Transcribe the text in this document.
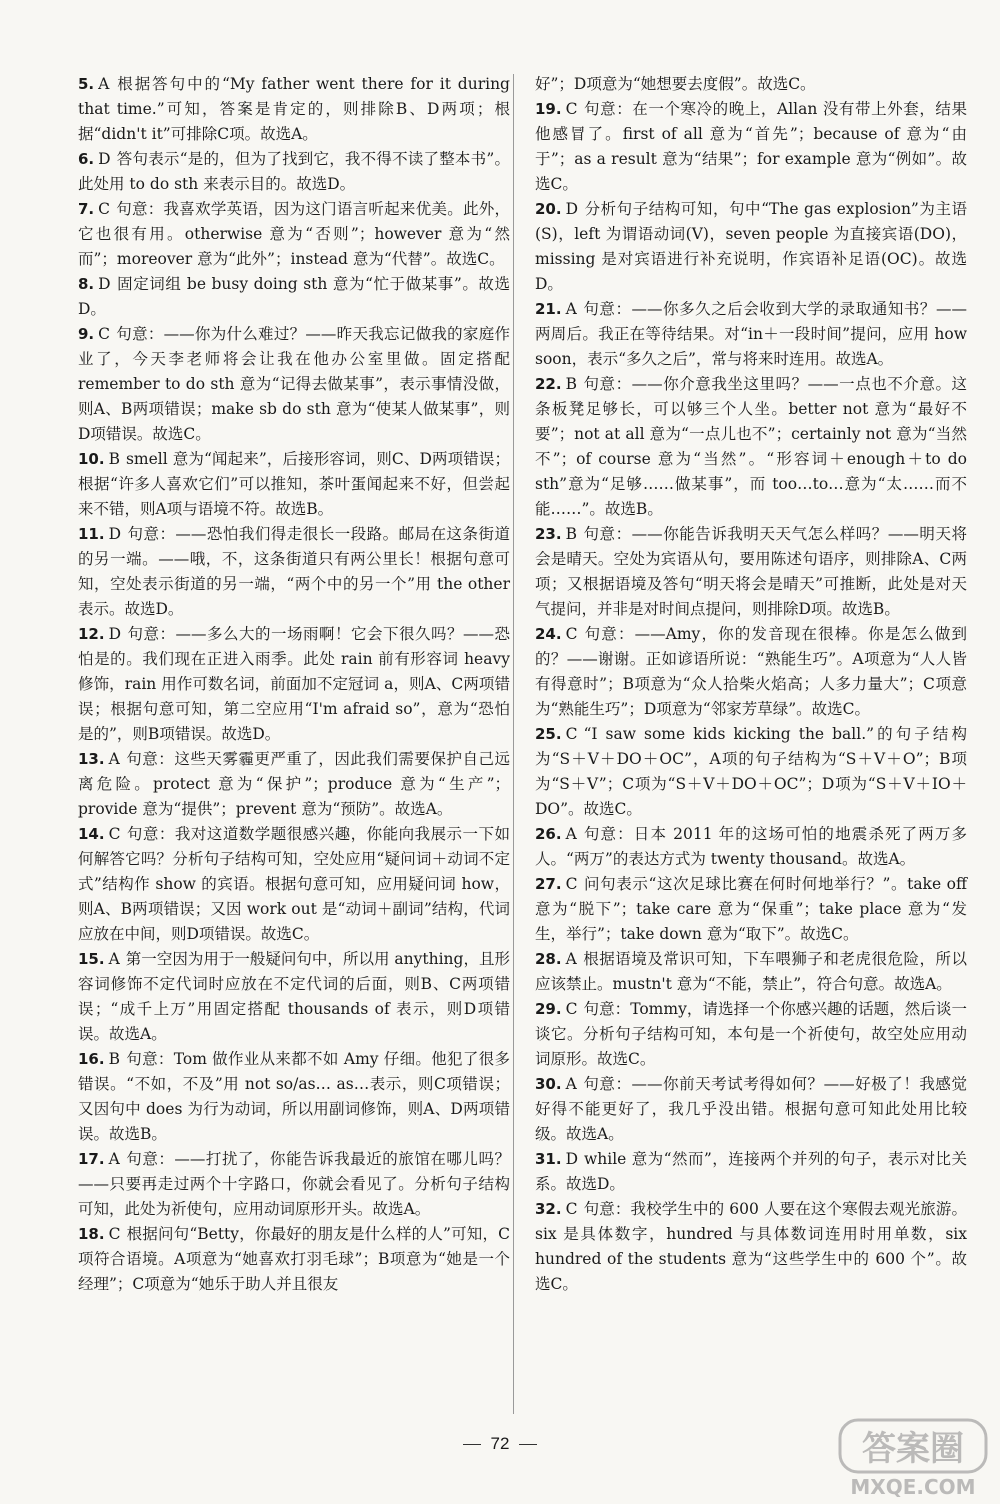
5. A 根据答句中的“My father went there for it during that time.”可知，答案是肯定的，则排除B、D两项；根据“didn't it”可排除C项。故选A。

6. D 答句表示“是的，但为了找到它，我不得不读了整本书”。此处用 to do sth 来表示目的。故选D。

7. C 句意：我喜欢学英语，因为这门语言听起来优美。此外，它也很有用。otherwise 意为“否则”；however 意为“然而”；moreover 意为“此外”；instead 意为“代替”。故选C。

8. D 固定词组 be busy doing sth 意为“忙于做某事”。故选D。

9. C 句意：——你为什么难过？——昨天我忘记做我的家庭作业了，今天李老师将会让我在他办公室里做。固定搭配 remember to do sth 意为“记得去做某事”，表示事情没做，则A、B两项错误；make sb do sth 意为“使某人做某事”，则D项错误。故选C。

10. B smell 意为“闻起来”，后接形容词，则C、D两项错误；根据“许多人喜欢它们”可以推知，茶叶蛋闻起来不好，但尝起来不错，则A项与语境不符。故选B。

11. D 句意：——恐怕我们得走很长一段路。邮局在这条街道的另一端。——哦，不，这条街道只有两公里长！根据句意可知，空处表示街道的另一端，“两个中的另一个”用 the other 表示。故选D。

12. D 句意：——多么大的一场雨啊！它会下很久吗？——恐怕是的。我们现在正进入雨季。此处 rain 前有形容词 heavy 修饰，rain 用作可数名词，前面加不定冠词 a，则A、C两项错误；根据句意可知，第二空应用“I'm afraid so”，意为“恐怕是的”，则B项错误。故选D。

13. A 句意：这些天雾霾更严重了，因此我们需要保护自己远离危险。protect 意为“保护”；produce 意为“生产”；provide 意为“提供”；prevent 意为“预防”。故选A。

14. C 句意：我对这道数学题很感兴趣，你能向我展示一下如何解答它吗？分析句子结构可知，空处应用“疑问词＋动词不定式”结构作 show 的宾语。根据句意可知，应用疑问词 how，则A、B两项错误；又因 work out 是“动词＋副词”结构，代词应放在中间，则D项错误。故选C。

15. A 第一空因为用于一般疑问句中，所以用 anything，且形容词修饰不定代词时应放在不定代词的后面，则B、C两项错误；“成千上万”用固定搭配 thousands of 表示，则D项错误。故选A。

16. B 句意：Tom 做作业从来都不如 Amy 仔细。他犯了很多错误。“不如，不及”用 not so/as… as…表示，则C项错误；又因句中 does 为行为动词，所以用副词修饰，则A、D两项错误。故选B。

17. A 句意：——打扰了，你能告诉我最近的旅馆在哪儿吗？——只要再走过两个十字路口，你就会看见了。分析句子结构可知，此处为祈使句，应用动词原形开头。故选A。

18. C 根据问句“Betty，你最好的朋友是什么样的人”可知，C项符合语境。A项意为“她喜欢打羽毛球”；B项意为“她是一个经理”；C项意为“她乐于助人并且很友

好”；D项意为“她想要去度假”。故选C。

19. C 句意：在一个寒冷的晚上，Allan 没有带上外套，结果他感冒了。first of all 意为“首先”；because of 意为“由于”；as a result 意为“结果”；for example 意为“例如”。故选C。

20. D 分析句子结构可知，句中“The gas explosion”为主语(S)，left 为谓语动词(V)，seven people 为直接宾语(DO)，missing 是对宾语进行补充说明，作宾语补足语(OC)。故选D。

21. A 句意：——你多久之后会收到大学的录取通知书？——两周后。我正在等待结果。对“in＋一段时间”提问，应用 how soon，表示“多久之后”，常与将来时连用。故选A。

22. B 句意：——你介意我坐这里吗？——一点也不介意。这条板凳足够长，可以够三个人坐。better not 意为“最好不要”；not at all 意为“一点儿也不”；certainly not 意为“当然不”；of course 意为“当然”。“形容词＋enough＋to do sth”意为“足够……做某事”，而 too…to…意为“太……而不能……”。故选B。

23. B 句意：——你能告诉我明天天气怎么样吗？——明天将会是晴天。空处为宾语从句，要用陈述句语序，则排除A、C两项；又根据语境及答句“明天将会是晴天”可推断，此处是对天气提问，并非是对时间点提问，则排除D项。故选B。

24. C 句意：——Amy，你的发音现在很棒。你是怎么做到的？——谢谢。正如谚语所说：“熟能生巧”。A项意为“人人皆有得意时”；B项意为“众人拾柴火焰高；人多力量大”；C项意为“熟能生巧”；D项意为“邻家芳草绿”。故选C。

25. C “I saw some kids kicking the ball.”的句子结构为“S＋V＋DO＋OC”，A项的句子结构为“S＋V＋O”；B项为“S＋V”；C项为“S＋V＋DO＋OC”；D项为“S＋V＋IO＋DO”。故选C。

26. A 句意：日本 2011 年的这场可怕的地震杀死了两万多人。“两万”的表达方式为 twenty thousand。故选A。

27. C 问句表示“这次足球比赛在何时何地举行？”。take off 意为“脱下”；take care 意为“保重”；take place 意为“发生，举行”；take down 意为“取下”。故选C。

28. A 根据语境及常识可知，下车喂狮子和老虎很危险，所以应该禁止。mustn't 意为“不能，禁止”，符合句意。故选A。

29. C 句意：Tommy，请选择一个你感兴趣的话题，然后谈一谈它。分析句子结构可知，本句是一个祈使句，故空处应用动词原形。故选C。

30. A 句意：——你前天考试考得如何？——好极了！我感觉好得不能更好了，我几乎没出错。根据句意可知此处用比较级。故选A。

31. D while 意为“然而”，连接两个并列的句子，表示对比关系。故选D。

32. C 句意：我校学生中的 600 人要在这个寒假去观光旅游。six 是具体数字，hundred 与具体数词连用时用单数，six hundred of the students 意为“这些学生中的 600 个”。故选C。

72	答案圈
MXQE.COM
